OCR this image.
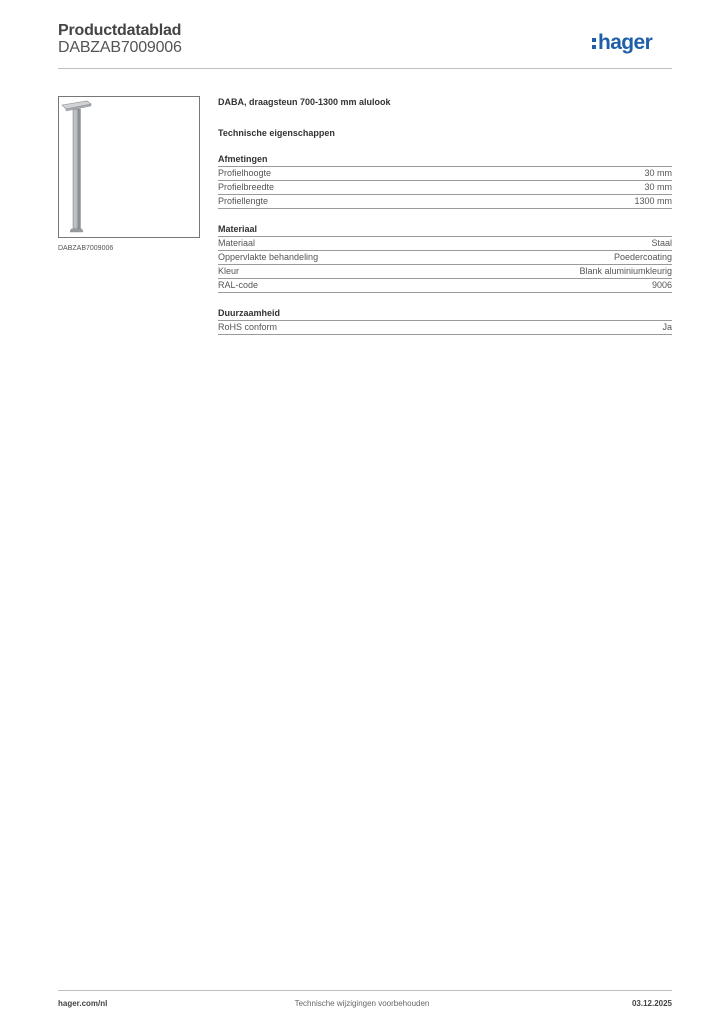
Productdatablad
DABZAB7009006	hager
DABZAB7009006
DABA, draagsteun 700-1300 mm alulook
Technische eigenschappen
Afmetingen
Profielhoogte	30 mm
Profielbreedte	30 mm
Profiellengte	1300 mm
Materiaal
Materiaal	Staal
Oppervlakte behandeling	Poedercoating
Kleur	Blank aluminiumkleurig
RAL-code	9006
Duurzaamheid
RoHS conform	Ja
hager.com/nl	Technische wijzigingen voorbehouden	03.12.2025
